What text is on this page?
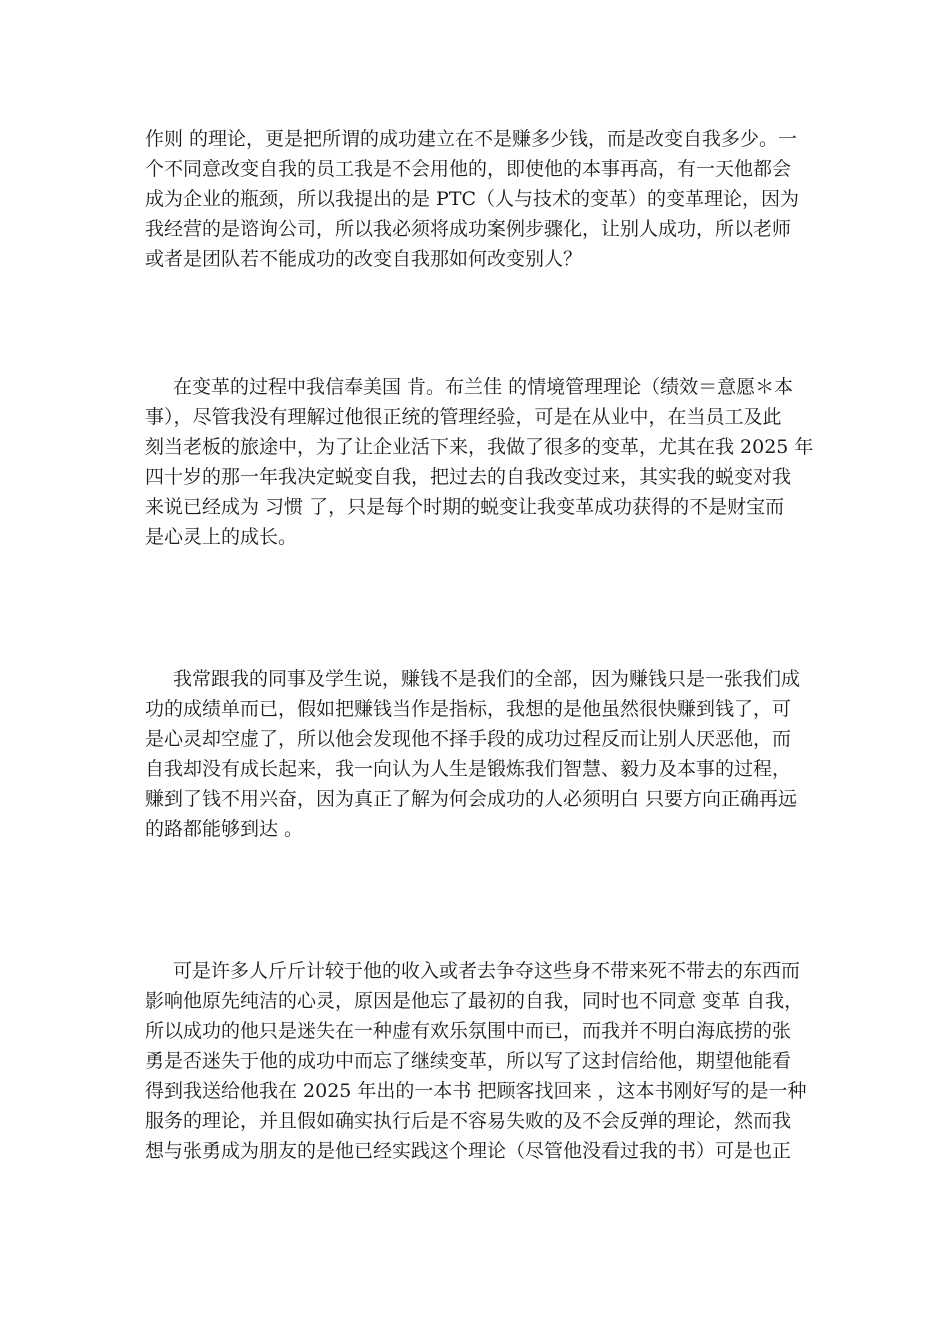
作则 的理论，更是把所谓的成功建立在不是赚多少钱，而是改变自我多少。一
个不同意改变自我的员工我是不会用他的，即使他的本事再高，有一天他都会
成为企业的瓶颈，所以我提出的是 PTC（人与技术的变革）的变革理论，因为
我经营的是谘询公司，所以我必须将成功案例步骤化，让别人成功，所以老师
或者是团队若不能成功的改变自我那如何改变别人？
在变革的过程中我信奉美国 肯。布兰佳 的情境管理理论（绩效＝意愿＊本
事），尽管我没有理解过他很正统的管理经验，可是在从业中，在当员工及此
刻当老板的旅途中，为了让企业活下来，我做了很多的变革，尤其在我 2025 年
四十岁的那一年我决定蜕变自我，把过去的自我改变过来，其实我的蜕变对我
来说已经成为 习惯 了，只是每个时期的蜕变让我变革成功获得的不是财宝而
是心灵上的成长。
我常跟我的同事及学生说，赚钱不是我们的全部，因为赚钱只是一张我们成
功的成绩单而已，假如把赚钱当作是指标，我想的是他虽然很快赚到钱了，可
是心灵却空虚了，所以他会发现他不择手段的成功过程反而让别人厌恶他，而
自我却没有成长起来，我一向认为人生是锻炼我们智慧、毅力及本事的过程，
赚到了钱不用兴奋，因为真正了解为何会成功的人必须明白 只要方向正确再远
的路都能够到达 。
可是许多人斤斤计较于他的收入或者去争夺这些身不带来死不带去的东西而
影响他原先纯洁的心灵，原因是他忘了最初的自我，同时也不同意 变革 自我，
所以成功的他只是迷失在一种虚有欢乐氛围中而已，而我并不明白海底捞的张
勇是否迷失于他的成功中而忘了继续变革，所以写了这封信给他，期望他能看
得到我送给他我在 2025 年出的一本书 把顾客找回来 ，这本书刚好写的是一种
服务的理论，并且假如确实执行后是不容易失败的及不会反弹的理论，然而我
想与张勇成为朋友的是他已经实践这个理论（尽管他没看过我的书）可是也正
